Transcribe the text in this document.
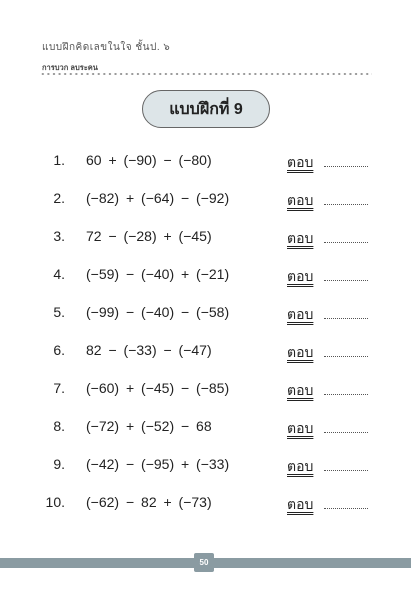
แบบฝึกคิดเลขในใจ ชั้นป. ๖
การบวก ลบระคน
แบบฝึกที่ 9
1. 60 + (−90) − (−80)	ตอบ
2. (−82) + (−64) − (−92)	ตอบ
3. 72 − (−28) + (−45)	ตอบ
4. (−59) − (−40) + (−21)	ตอบ
5. (−99) − (−40) − (−58)	ตอบ
6. 82 − (−33) − (−47)	ตอบ
7. (−60) + (−45) − (−85)	ตอบ
8. (−72) + (−52) − 68	ตอบ
9. (−42) − (−95) + (−33)	ตอบ
10. (−62) − 82 + (−73)	ตอบ
50
